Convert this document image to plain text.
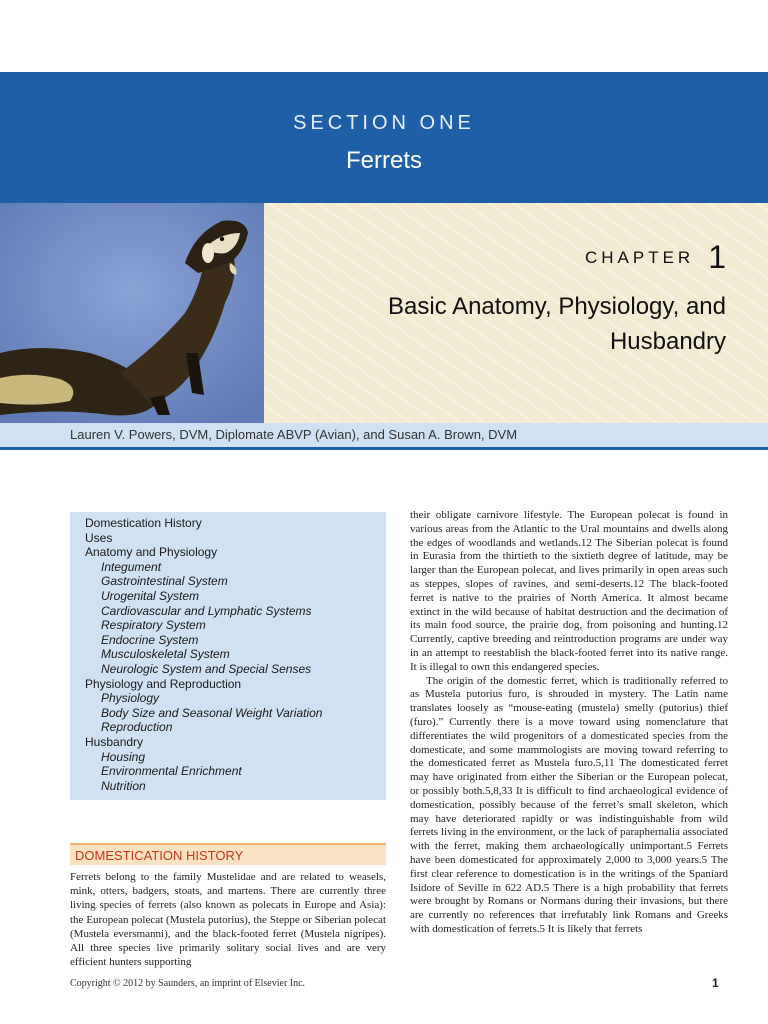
SECTION ONE
Ferrets
CHAPTER 1
Basic Anatomy, Physiology, and Husbandry
Lauren V. Powers, DVM, Diplomate ABVP (Avian), and Susan A. Brown, DVM
Domestication History
Uses
Anatomy and Physiology
Integument
Gastrointestinal System
Urogenital System
Cardiovascular and Lymphatic Systems
Respiratory System
Endocrine System
Musculoskeletal System
Neurologic System and Special Senses
Physiology and Reproduction
Physiology
Body Size and Seasonal Weight Variation
Reproduction
Husbandry
Housing
Environmental Enrichment
Nutrition
DOMESTICATION HISTORY
Ferrets belong to the family Mustelidae and are related to weasels, mink, otters, badgers, stoats, and martens. There are currently three living species of ferrets (also known as polecats in Europe and Asia): the European polecat (Mustela putorius), the Steppe or Siberian polecat (Mustela eversmanni), and the black-footed ferret (Mustela nigripes). All three species live primarily solitary social lives and are very efficient hunters supporting

their obligate carnivore lifestyle. The European polecat is found in various areas from the Atlantic to the Ural mountains and dwells along the edges of woodlands and wetlands.12 The Siberian polecat is found in Eurasia from the thirtieth to the sixtieth degree of latitude, may be larger than the European polecat, and lives primarily in open areas such as steppes, slopes of ravines, and semi-deserts.12 The black-footed ferret is native to the prairies of North America. It almost became extinct in the wild because of habitat destruction and the decimation of its main food source, the prairie dog, from poisoning and hunting.12 Currently, captive breeding and reintroduction programs are under way in an attempt to reestablish the black-footed ferret into its native range. It is illegal to own this endangered species.

The origin of the domestic ferret, which is traditionally referred to as Mustela putorius furo, is shrouded in mystery. The Latin name translates loosely as “mouse-eating (mustela) smelly (putorius) thief (furo).” Currently there is a move toward using nomenclature that differentiates the wild progenitors of a domesticated species from the domesticate, and some mammologists are moving toward referring to the domesticated ferret as Mustela furo.5,11 The domesticated ferret may have originated from either the Siberian or the European polecat, or possibly both.5,8,33 It is difficult to find archaeological evidence of domestication, possibly because of the ferret’s small skeleton, which may have deteriorated rapidly or was indistinguishable from wild ferrets living in the environment, or the lack of paraphernalia associated with the ferret, making them archaeologically unimportant.5 Ferrets have been domesticated for approximately 2,000 to 3,000 years.5 The first clear reference to domestication is in the writings of the Spaniard Isidore of Seville in 622 AD.5 There is a high probability that ferrets were brought by Romans or Normans during their invasions, but there are currently no references that irrefutably link Romans and Greeks with domestication of ferrets.5 It is likely that ferrets

Copyright © 2012 by Saunders, an imprint of Elsevier Inc.	1
